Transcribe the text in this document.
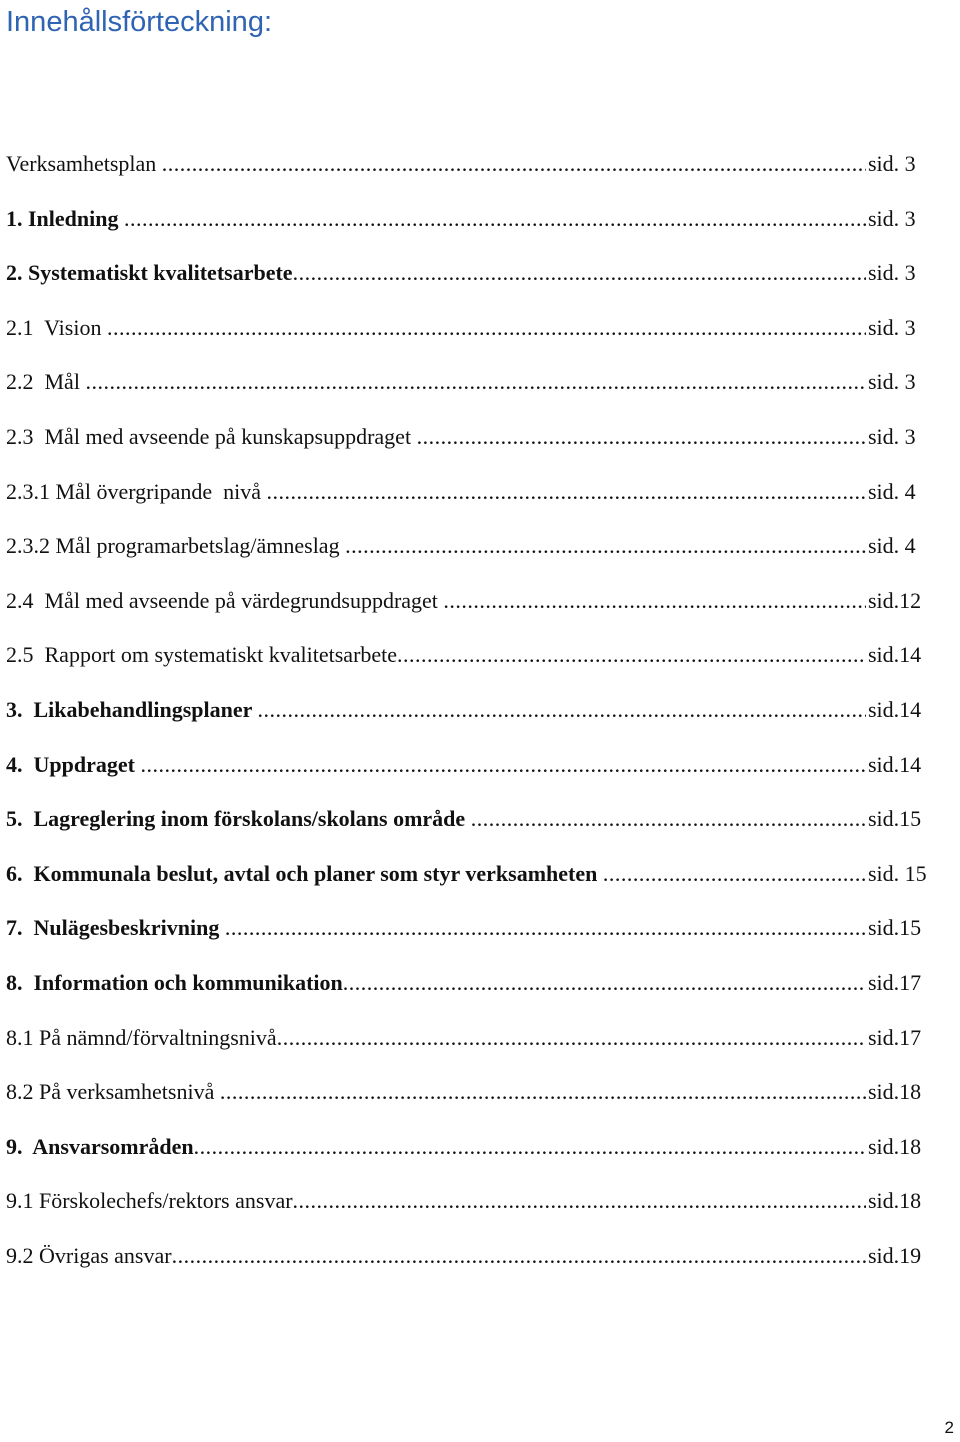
Innehållsförteckning:
Verksamhetsplan .....	sid. 3
1. Inledning .....	sid. 3
2. Systematiskt kvalitetsarbete .....	sid. 3
2.1  Vision .....	sid. 3
2.2  Mål .....	sid. 3
2.3  Mål med avseende på kunskapsuppdraget .....	sid. 3
2.3.1 Mål övergripande  nivå .....	sid. 4
2.3.2 Mål programarbetslag/ämneslag .....	sid. 4
2.4  Mål med avseende på värdegrundsuppdraget .....	sid.12
2.5  Rapport om systematiskt kvalitetsarbete .....	sid.14
3.  Likabehandlingsplaner .....	sid.14
4.  Uppdraget .....	sid.14
5.  Lagreglering inom förskolans/skolans område .....	sid.15
6.  Kommunala beslut, avtal och planer som styr verksamheten .....	sid. 15
7.  Nulägesbeskrivning .....	sid.15
8.  Information och kommunikation .....	sid.17
8.1 På nämnd/förvaltningsnivå .....	sid.17
8.2 På verksamhetsnivå .....	sid.18
9.  Ansvarsområden .....	sid.18
9.1 Förskolechefs/rektors ansvar .....	sid.18
9.2 Övrigas ansvar .....	sid.19
2
